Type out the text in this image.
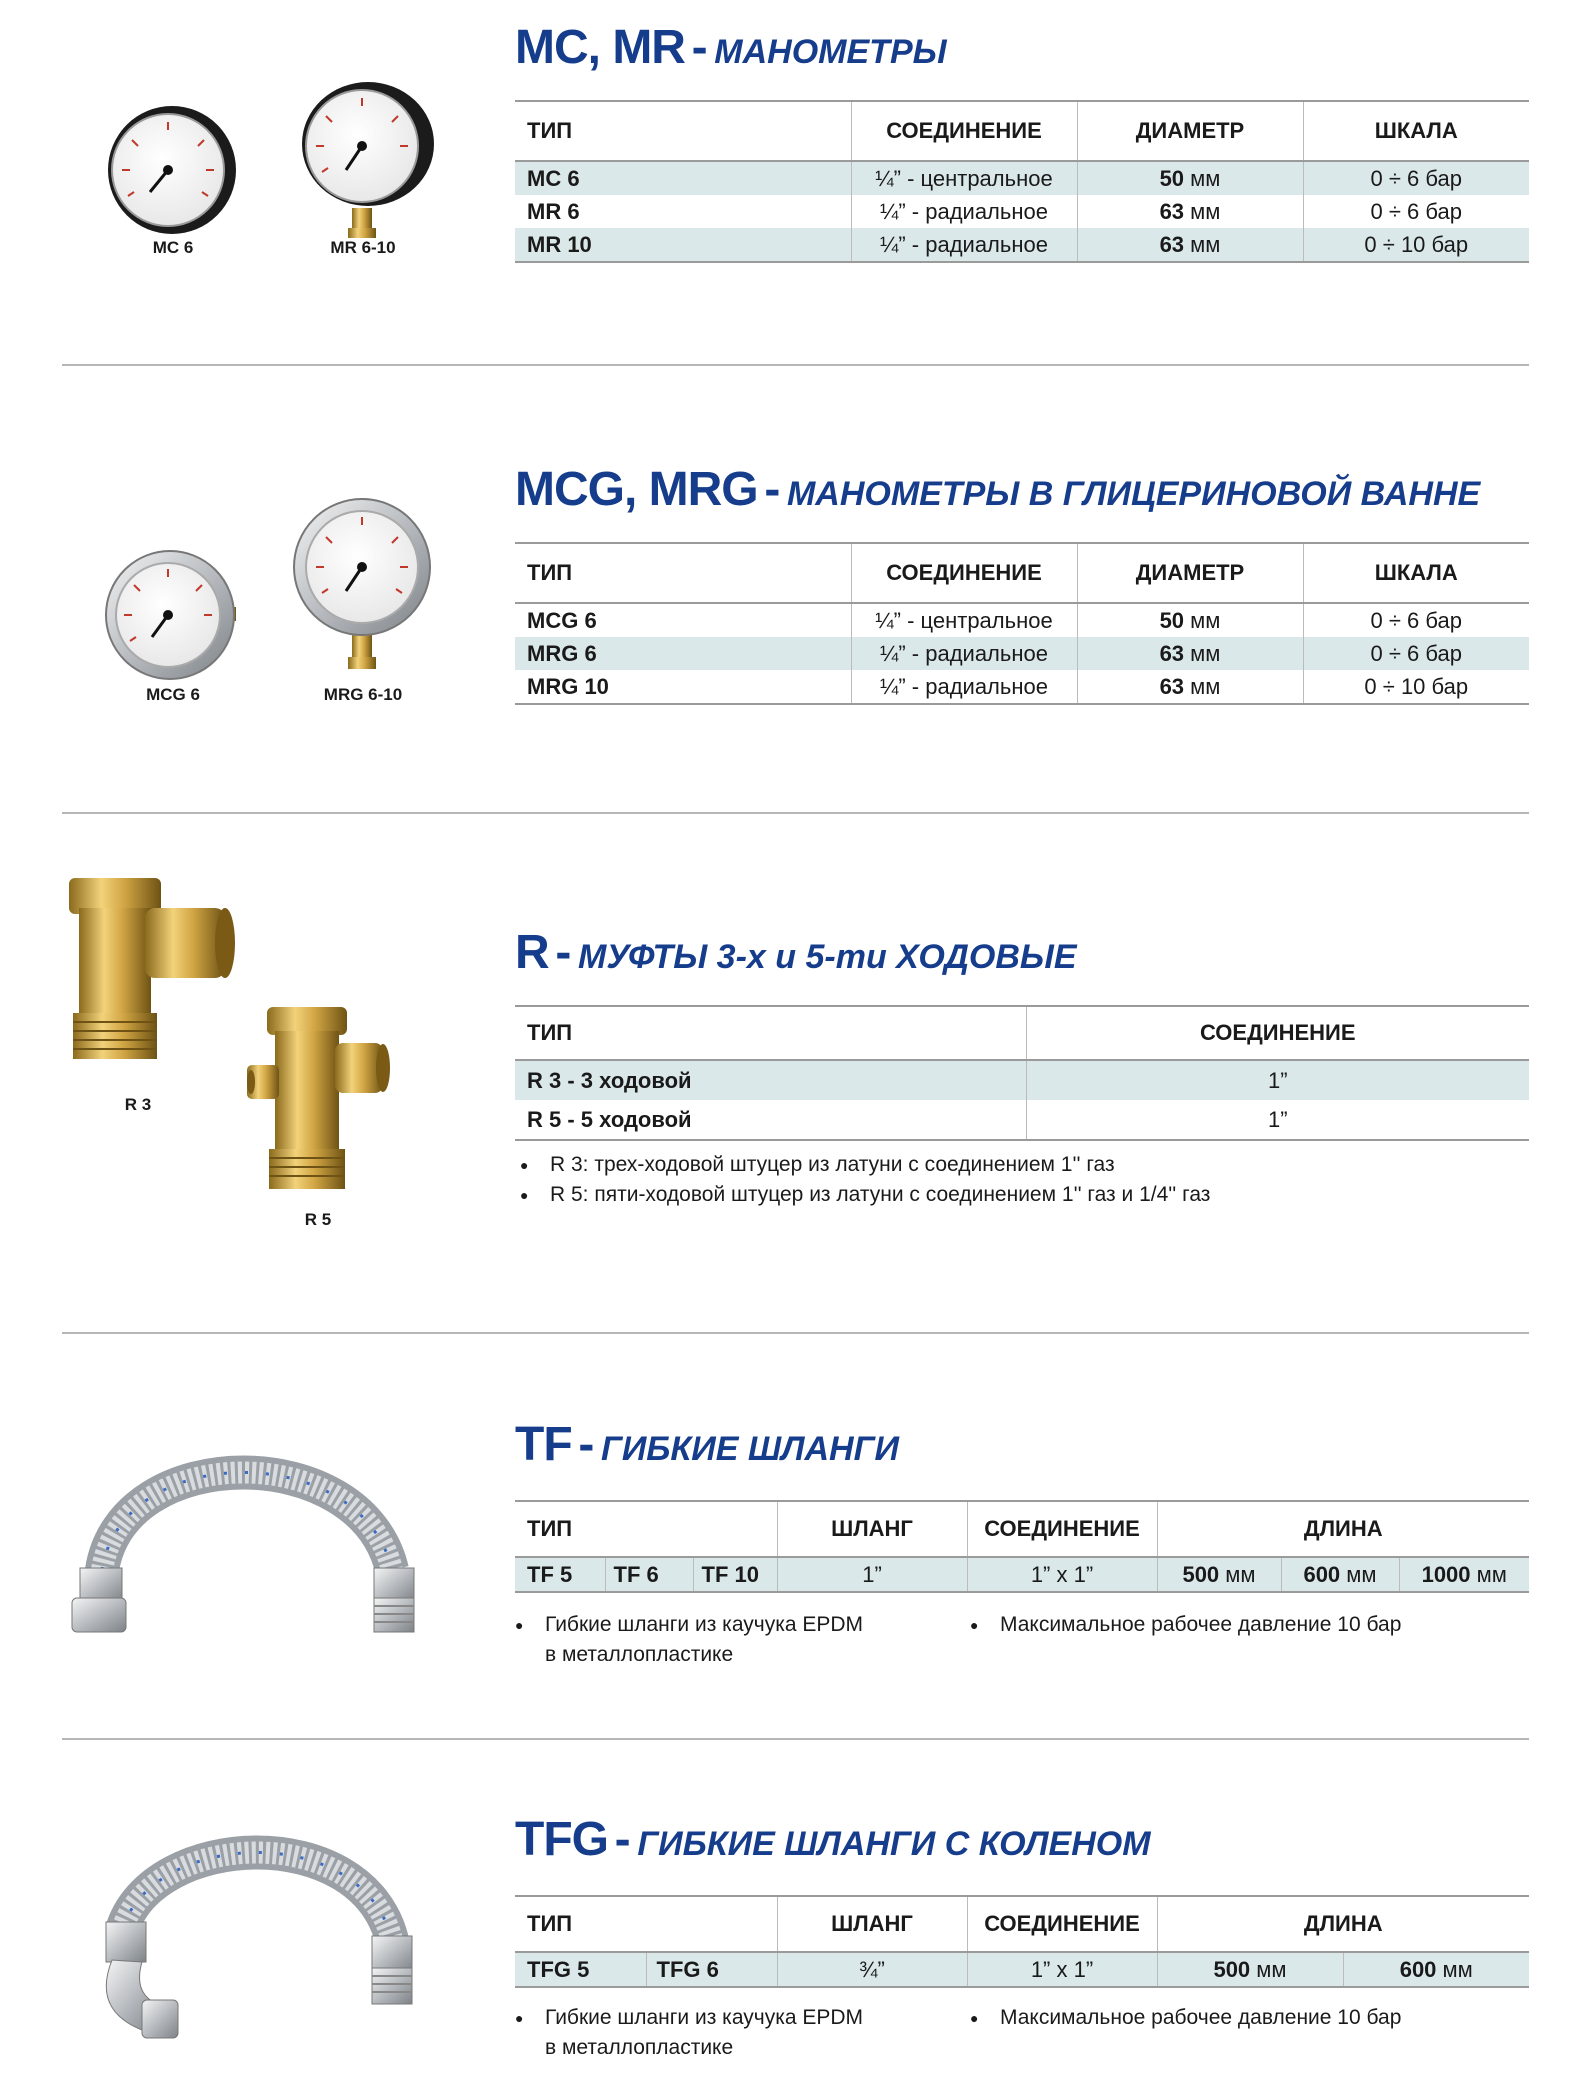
MC, MR - МАНОМЕТРЫ
MC 6	MR 6-10
ТИП	СОЕДИНЕНИЕ	ДИАМЕТР	ШКАЛА
MC 6	¼” - центральное	50 мм	0 ÷ 6 бар
MR 6	¼” - радиальное	63 мм	0 ÷ 6 бар
MR 10	¼” - радиальное	63 мм	0 ÷ 10 бар
MCG, MRG - МАНОМЕТРЫ В ГЛИЦЕРИНОВОЙ ВАННЕ
MCG 6	MRG 6-10
ТИП	СОЕДИНЕНИЕ	ДИАМЕТР	ШКАЛА
MCG 6	¼” - центральное	50 мм	0 ÷ 6 бар
MRG 6	¼” - радиальное	63 мм	0 ÷ 6 бар
MRG 10	¼” - радиальное	63 мм	0 ÷ 10 бар
R - МУФТЫ 3-х и 5-ти ХОДОВЫЕ
R 3
R 5
ТИП	СОЕДИНЕНИЕ
R 3 - 3 ходовой	1”
R 5 - 5 ходовой	1”
● R 3: трех-ходовой штуцер из латуни с соединением 1'' газ
● R 5: пяти-ходовой штуцер из латуни с соединением 1'' газ и 1/4'' газ
TF - ГИБКИЕ ШЛАНГИ
ТИП			ШЛАНГ	СОЕДИНЕНИЕ	ДЛИНА		
TF 5	TF 6	TF 10	1”	1” x 1”	500 мм	600 мм	1000 мм
● Гибкие шланги из каучука EPDM
в металлопластике
● Максимальное рабочее давление 10 бар
TFG - ГИБКИЕ ШЛАНГИ С КОЛЕНОМ
ТИП		ШЛАНГ	СОЕДИНЕНИЕ	ДЛИНА	
TFG 5	TFG 6	¾”	1” x 1”	500 мм	600 мм
● Гибкие шланги из каучука EPDM
в металлопластике
● Максимальное рабочее давление 10 бар
